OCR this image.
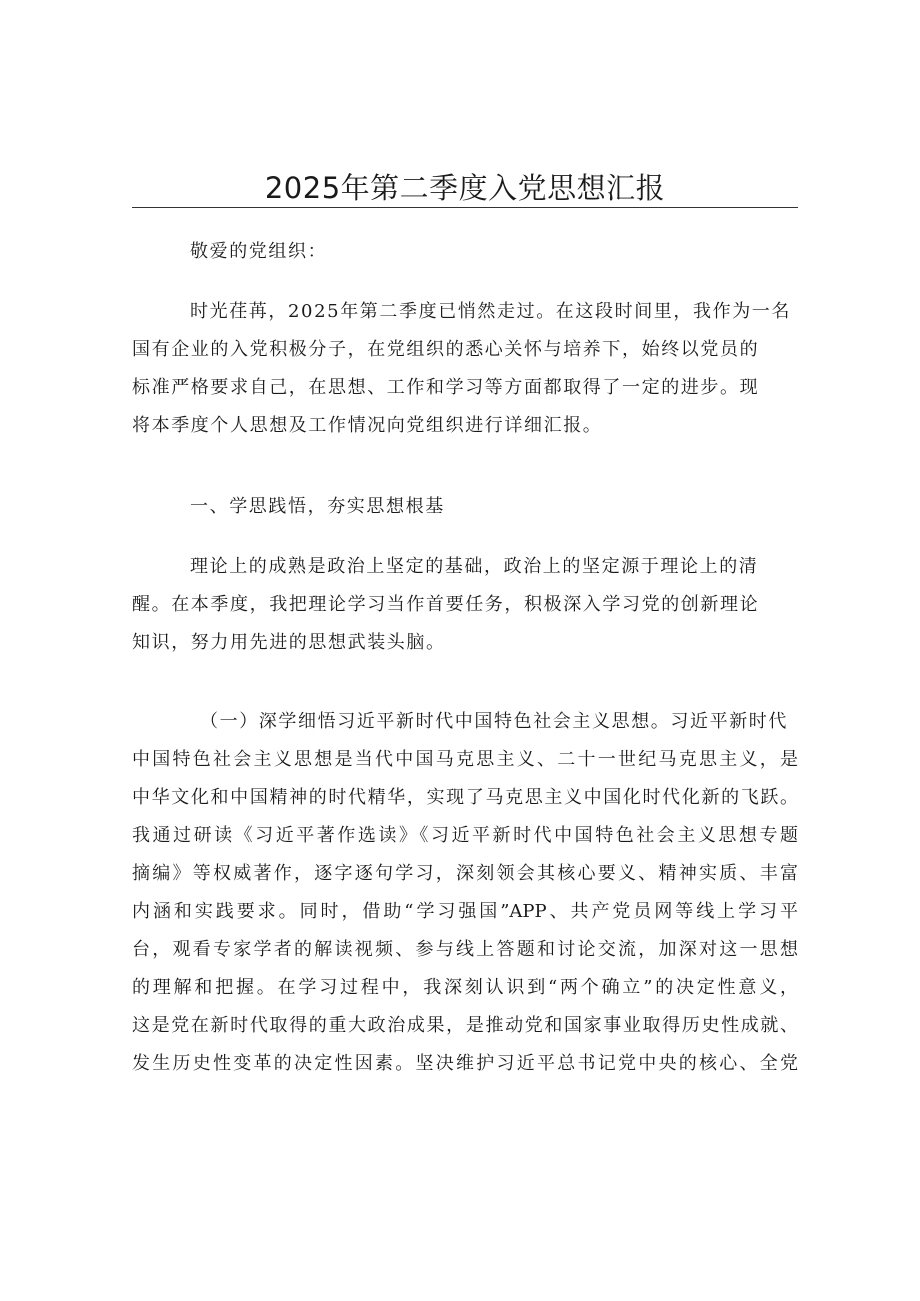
2025年第二季度入党思想汇报
敬爱的党组织：
时光荏苒，2025年第二季度已悄然走过。在这段时间里，我作为一名
国有企业的入党积极分子，在党组织的悉心关怀与培养下，始终以党员的
标准严格要求自己，在思想、工作和学习等方面都取得了一定的进步。现
将本季度个人思想及工作情况向党组织进行详细汇报。
一、学思践悟，夯实思想根基
理论上的成熟是政治上坚定的基础，政治上的坚定源于理论上的清
醒。在本季度，我把理论学习当作首要任务，积极深入学习党的创新理论
知识，努力用先进的思想武装头脑。
（一）深学细悟习近平新时代中国特色社会主义思想。习近平新时代
中国特色社会主义思想是当代中国马克思主义、二十一世纪马克思主义，是
中华文化和中国精神的时代精华，实现了马克思主义中国化时代化新的飞跃。
我通过研读《习近平著作选读》《习近平新时代中国特色社会主义思想专题
摘编》等权威著作，逐字逐句学习，深刻领会其核心要义、精神实质、丰富
内涵和实践要求。同时，借助“学习强国”APP、共产党员网等线上学习平
台，观看专家学者的解读视频、参与线上答题和讨论交流，加深对这一思想
的理解和把握。在学习过程中，我深刻认识到“两个确立”的决定性意义，
这是党在新时代取得的重大政治成果，是推动党和国家事业取得历史性成就、
发生历史性变革的决定性因素。坚决维护习近平总书记党中央的核心、全党
